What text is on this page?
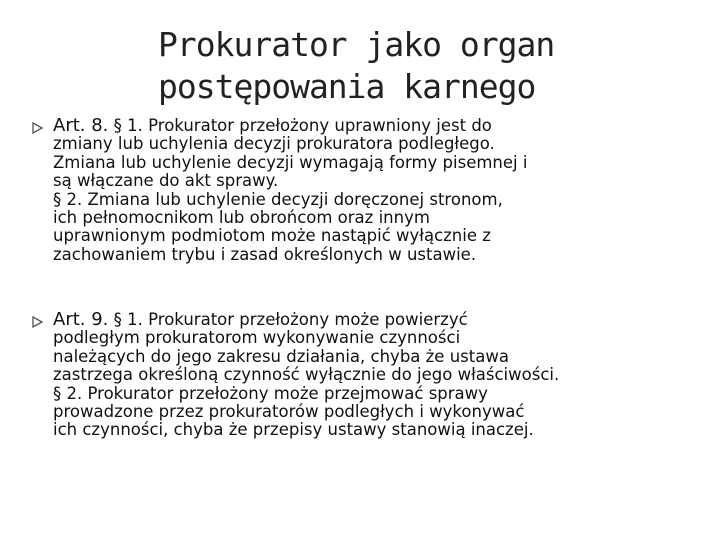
Prokurator jako organ
postępowania karnego
Art. 8. § 1. Prokurator przełożony uprawniony jest do
zmiany lub uchylenia decyzji prokuratora podległego.
Zmiana lub uchylenie decyzji wymagają formy pisemnej i
są włączane do akt sprawy.
§ 2. Zmiana lub uchylenie decyzji doręczonej stronom,
ich pełnomocnikom lub obrońcom oraz innym
uprawnionym podmiotom może nastąpić wyłącznie z
zachowaniem trybu i zasad określonych w ustawie.
Art. 9. § 1. Prokurator przełożony może powierzyć
podległym prokuratorom wykonywanie czynności
należących do jego zakresu działania, chyba że ustawa
zastrzega określoną czynność wyłącznie do jego właściwości.
§ 2. Prokurator przełożony może przejmować sprawy
prowadzone przez prokuratorów podległych i wykonywać
ich czynności, chyba że przepisy ustawy stanowią inaczej.
